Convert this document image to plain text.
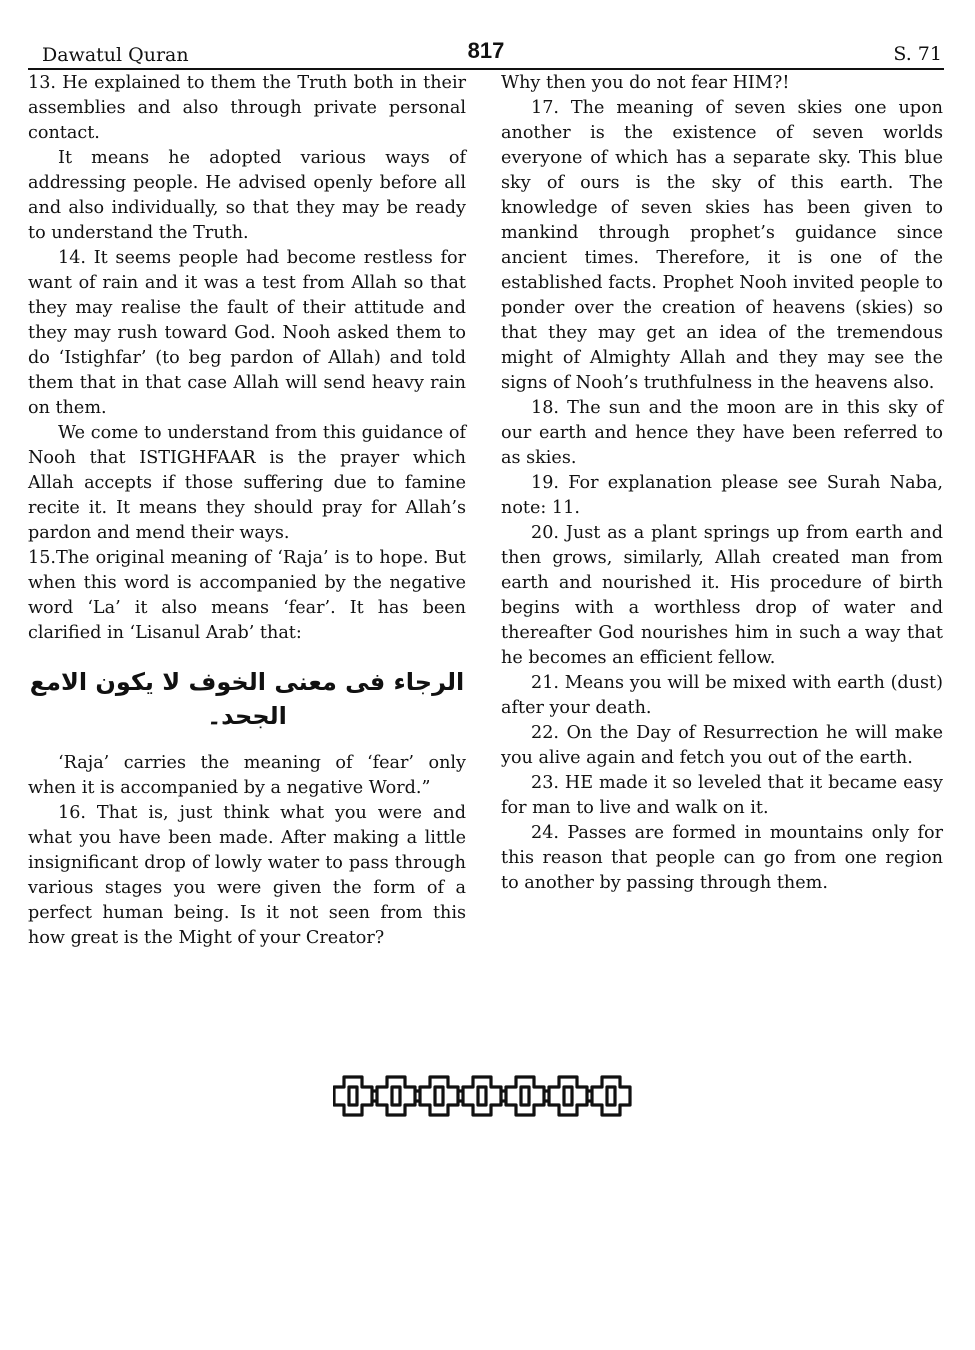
Dawatul Quran	817	S. 71

13. He explained to them the Truth both in their assemblies and also through private personal contact.

It means he adopted various ways of addressing people. He advised openly before all and also individually, so that they may be ready to understand the Truth.

14. It seems people had become restless for want of rain and it was a test from Allah so that they may realise the fault of their attitude and they may rush toward God. Nooh asked them to do ‘Istighfar’ (to beg pardon of Allah) and told them that in that case Allah will send heavy rain on them.

We come to understand from this guidance of Nooh that ISTIGHFAAR is the prayer which Allah accepts if those suffering due to famine recite it. It means they should pray for Allah’s pardon and mend their ways.

15.The original meaning of ‘Raja’ is to hope. But when this word is accompanied by the negative word ‘La’ it also means ‘fear’. It has been clarified in ‘Lisanul Arab’ that:

الرجاء فی معنی الخوف لا یکون الامع الجحد۔

‘Raja’ carries the meaning of ‘fear’ only when it is accompanied by a negative Word.”

16. That is, just think what you were and what you have been made. After making a little insignificant drop of lowly water to pass through various stages you were given the form of a perfect human being. Is it not seen from this how great is the Might of your Creator?

Why then you do not fear HIM?!

17. The meaning of seven skies one upon another is the existence of seven worlds everyone of which has a separate sky. This blue sky of ours is the sky of this earth. The knowledge of seven skies has been given to mankind through prophet’s guidance since ancient times. Therefore, it is one of the established facts. Prophet Nooh invited people to ponder over the creation of heavens (skies) so that they may get an idea of the tremendous might of Almighty Allah and they may see the signs of Nooh’s truthfulness in the heavens also.

18. The sun and the moon are in this sky of our earth and hence they have been referred to as skies.

19. For explanation please see Surah Naba, note: 11.

20. Just as a plant springs up from earth and then grows, similarly, Allah created man from earth and nourished it. His procedure of birth begins with a worthless drop of water and thereafter God nourishes him in such a way that he becomes an efficient fellow.

21. Means you will be mixed with earth (dust) after your death.

22. On the Day of Resurrection he will make you alive again and fetch you out of the earth.

23. HE made it so leveled that it became easy for man to live and walk on it.

24. Passes are formed in mountains only for this reason that people can go from one region to another by passing through them.
